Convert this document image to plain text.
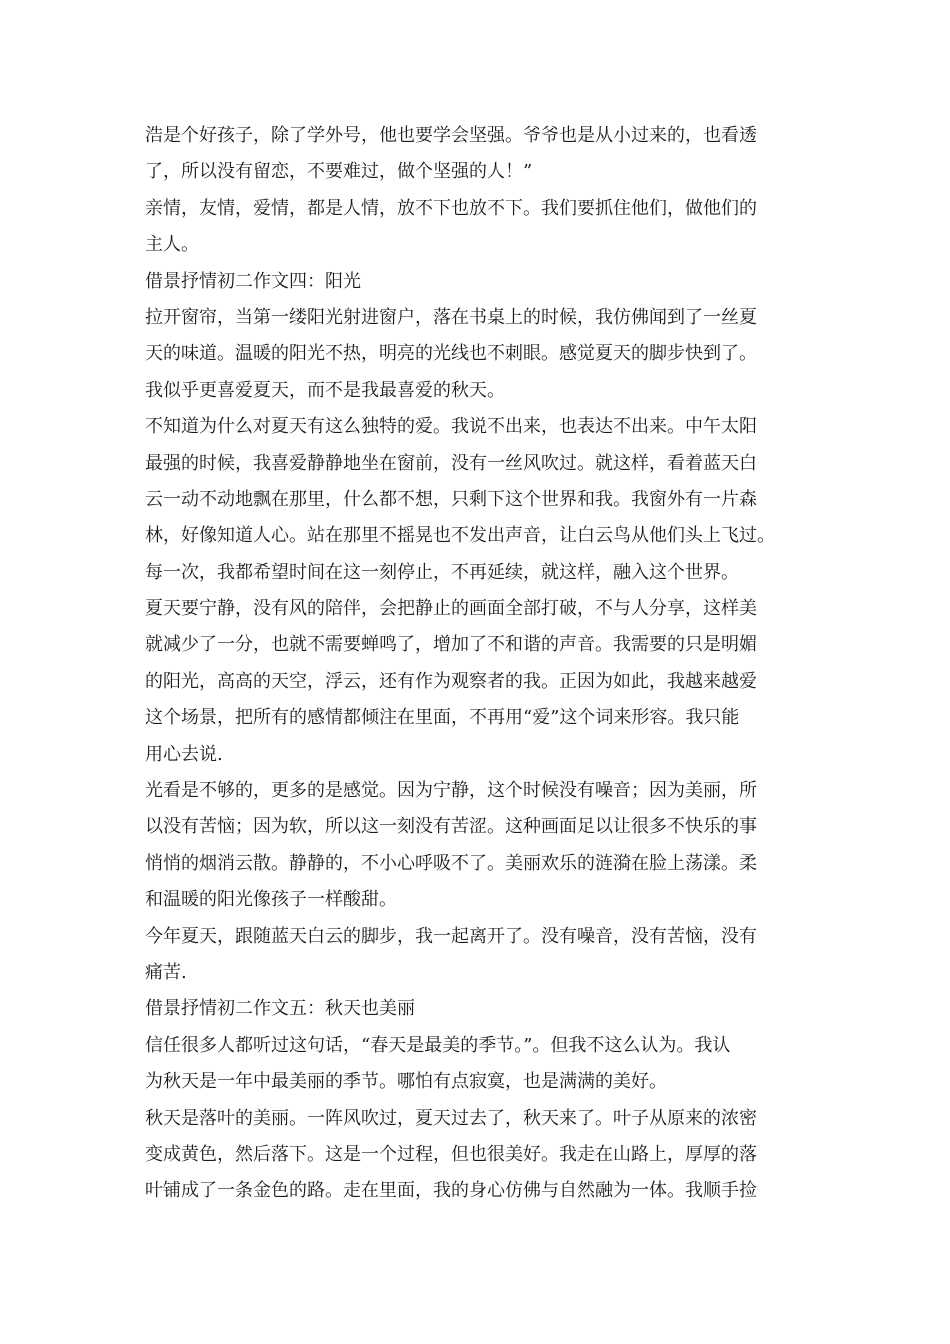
浩是个好孩子，除了学外号，他也要学会坚强。爷爷也是从小过来的，也看透
了，所以没有留恋，不要难过，做个坚强的人！”
亲情，友情，爱情，都是人情，放不下也放不下。我们要抓住他们，做他们的
主人。
借景抒情初二作文四：阳光
拉开窗帘，当第一缕阳光射进窗户，落在书桌上的时候，我仿佛闻到了一丝夏
天的味道。温暖的阳光不热，明亮的光线也不刺眼。感觉夏天的脚步快到了。
我似乎更喜爱夏天，而不是我最喜爱的秋天。
不知道为什么对夏天有这么独特的爱。我说不出来，也表达不出来。中午太阳
最强的时候，我喜爱静静地坐在窗前，没有一丝风吹过。就这样，看着蓝天白
云一动不动地飘在那里，什么都不想，只剩下这个世界和我。我窗外有一片森
林，好像知道人心。站在那里不摇晃也不发出声音，让白云鸟从他们头上飞过。
每一次，我都希望时间在这一刻停止，不再延续，就这样，融入这个世界。
夏天要宁静，没有风的陪伴，会把静止的画面全部打破，不与人分享，这样美
就减少了一分，也就不需要蝉鸣了，增加了不和谐的声音。我需要的只是明媚
的阳光，高高的天空，浮云，还有作为观察者的我。正因为如此，我越来越爱
这个场景，把所有的感情都倾注在里面，不再用“爱”这个词来形容。我只能
用心去说.
光看是不够的，更多的是感觉。因为宁静，这个时候没有噪音；因为美丽，所
以没有苦恼；因为软，所以这一刻没有苦涩。这种画面足以让很多不快乐的事
悄悄的烟消云散。静静的，不小心呼吸不了。美丽欢乐的涟漪在脸上荡漾。柔
和温暖的阳光像孩子一样酸甜。
今年夏天，跟随蓝天白云的脚步，我一起离开了。没有噪音，没有苦恼，没有
痛苦.
借景抒情初二作文五：秋天也美丽
信任很多人都听过这句话，“春天是最美的季节。”。但我不这么认为。我认
为秋天是一年中最美丽的季节。哪怕有点寂寞，也是满满的美好。
秋天是落叶的美丽。一阵风吹过，夏天过去了，秋天来了。叶子从原来的浓密
变成黄色，然后落下。这是一个过程，但也很美好。我走在山路上，厚厚的落
叶铺成了一条金色的路。走在里面，我的身心仿佛与自然融为一体。我顺手捡
